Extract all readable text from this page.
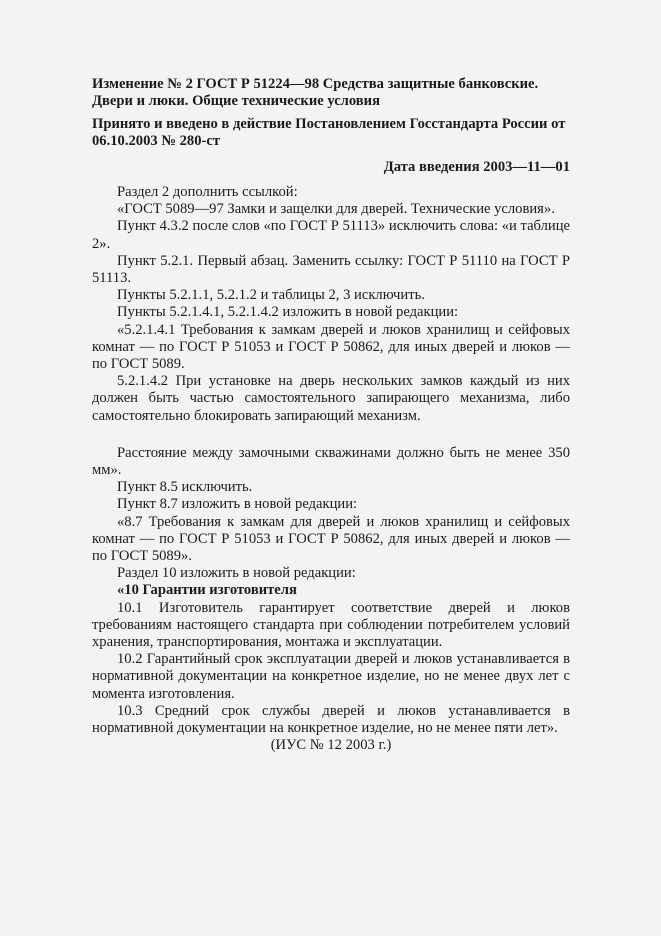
Изменение № 2 ГОСТ Р 51224—98 Средства защитные банковские. Двери и люки. Общие технические условия

Принято и введено в действие Постановлением Госстандарта России от 06.10.2003 № 280-ст

Дата введения 2003—11—01

Раздел 2 дополнить ссылкой:

«ГОСТ 5089—97 Замки и защелки для дверей. Технические условия».

Пункт 4.3.2 после слов «по ГОСТ Р 51113» исключить слова: «и таблице 2».

Пункт 5.2.1. Первый абзац. Заменить ссылку: ГОСТ Р 51110 на ГОСТ Р 51113.

Пункты 5.2.1.1, 5.2.1.2 и таблицы 2, 3 исключить.

Пункты 5.2.1.4.1, 5.2.1.4.2 изложить в новой редакции:

«5.2.1.4.1 Требования к замкам дверей и люков хранилищ и сейфовых комнат — по ГОСТ Р 51053 и ГОСТ Р 50862, для иных дверей и люков — по ГОСТ 5089.

5.2.1.4.2 При установке на дверь нескольких замков каждый из них должен быть частью самостоятельного запирающего механизма, либо самостоятельно блокировать запирающий механизм.

Расстояние между замочными скважинами должно быть не менее 350 мм».

Пункт 8.5 исключить.

Пункт 8.7 изложить в новой редакции:

«8.7 Требования к замкам для дверей и люков хранилищ и сейфовых комнат — по ГОСТ Р 51053 и ГОСТ Р 50862, для иных дверей и люков — по ГОСТ 5089».

Раздел 10 изложить в новой редакции:

«10 Гарантии изготовителя

10.1 Изготовитель гарантирует соответствие дверей и люков требованиям настоящего стандарта при соблюдении потребителем условий хранения, транспортирования, монтажа и эксплуатации.

10.2 Гарантийный срок эксплуатации дверей и люков устанавливается в нормативной документации на конкретное изделие, но не менее двух лет с момента изготовления.

10.3 Средний срок службы дверей и люков устанавливается в нормативной документации на конкретное изделие, но не менее пяти лет».

(ИУС № 12 2003 г.)
